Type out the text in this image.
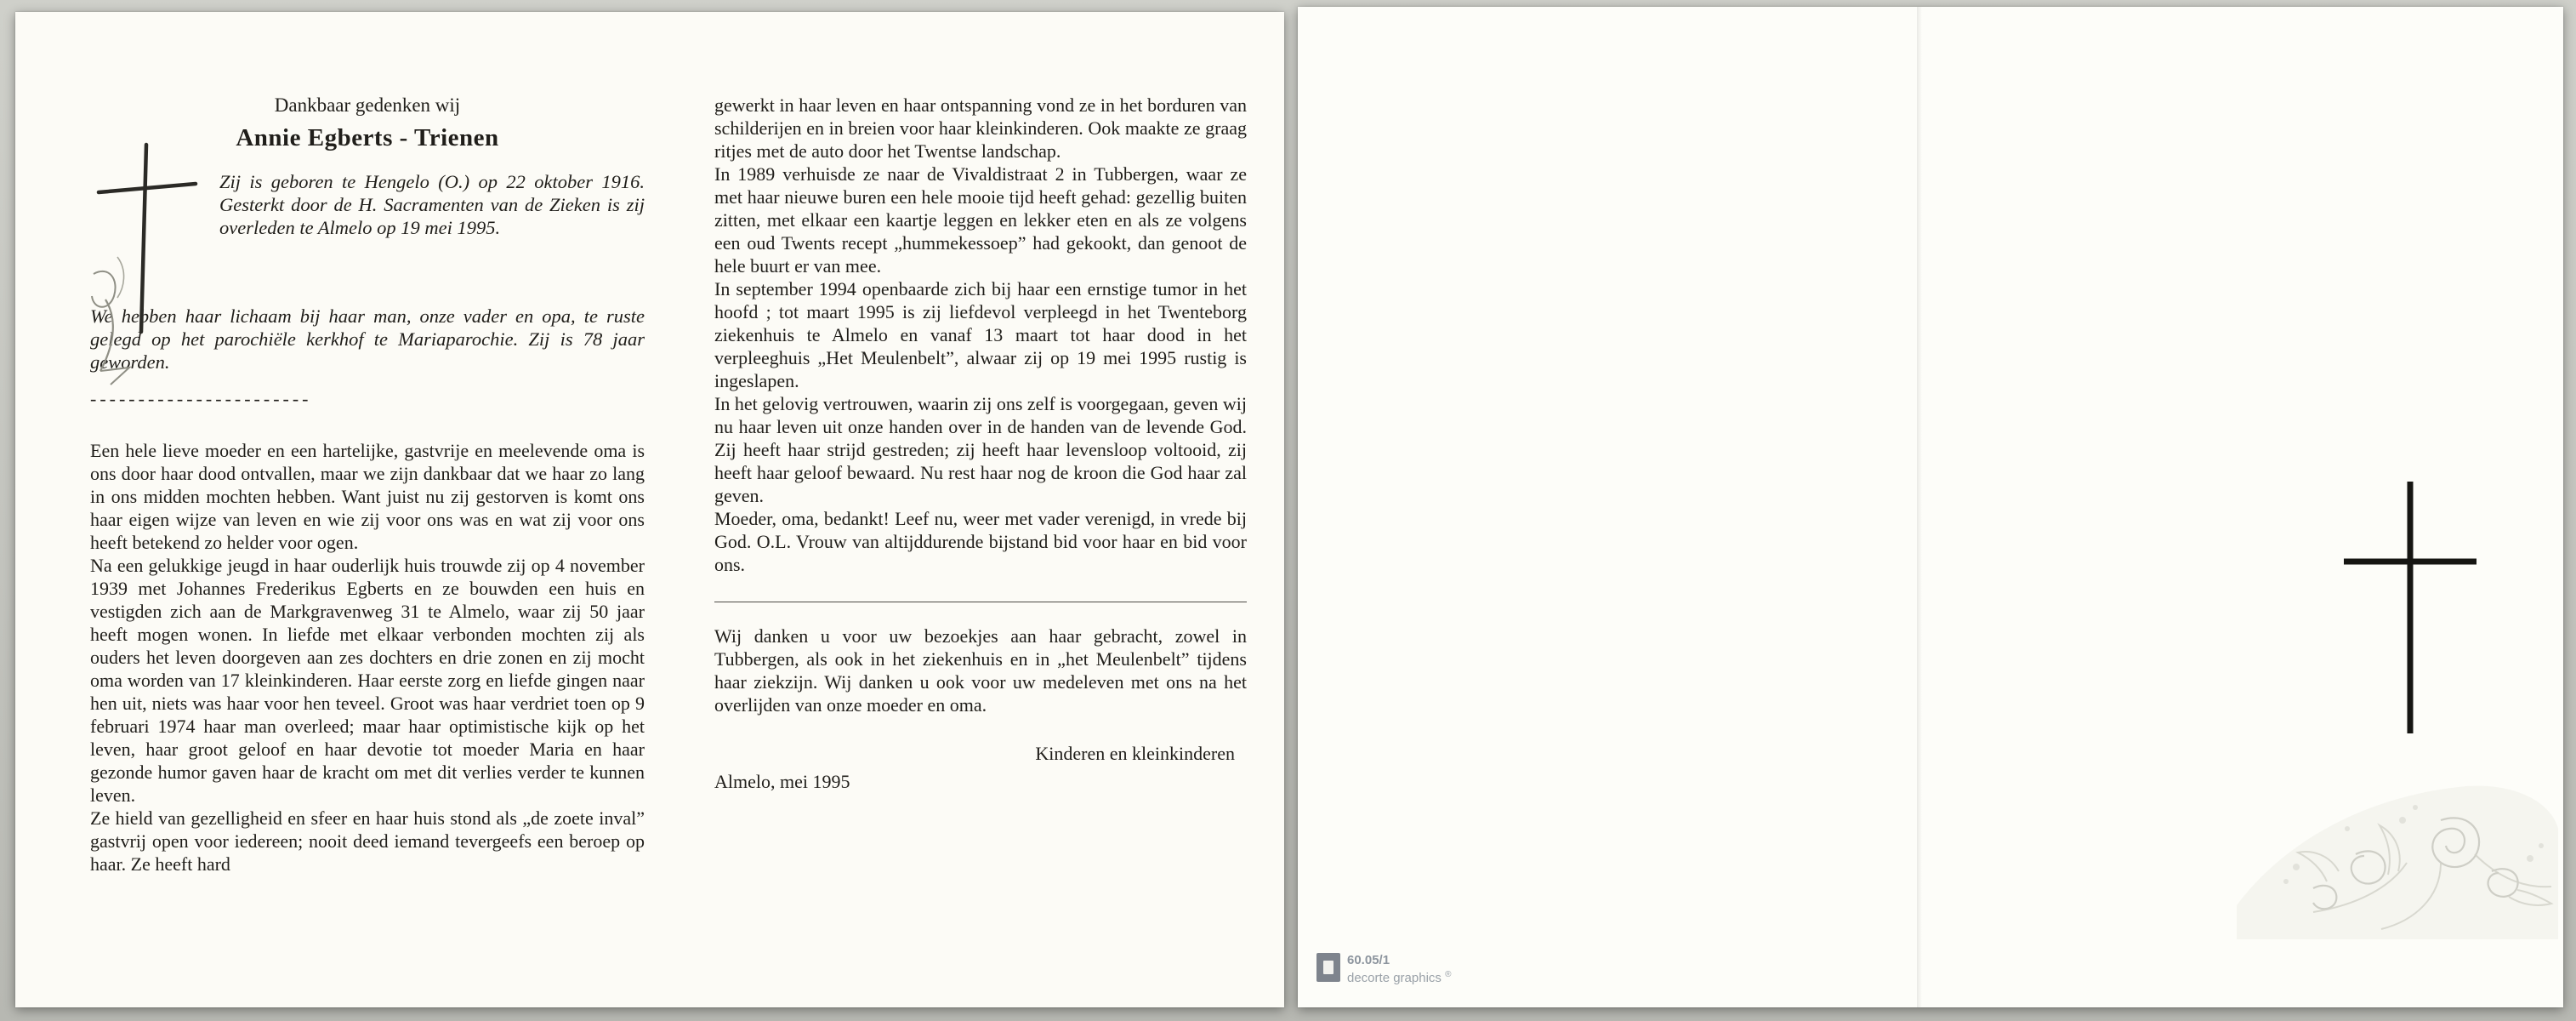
Dankbaar gedenken wij

Annie Egberts - Trienen

Zij is geboren te Hengelo (O.) op 22 oktober 1916. Gesterkt door de H. Sacramenten van de Zieken is zij overleden te Almelo op 19 mei 1995.

We hebben haar lichaam bij haar man, onze vader en opa, te ruste gelegd op het parochiële kerkhof te Mariaparochie. Zij is 78 jaar geworden.

-----------------------

Een hele lieve moeder en een hartelijke, gastvrije en meelevende oma is ons door haar dood ontvallen, maar we zijn dankbaar dat we haar zo lang in ons midden mochten hebben. Want juist nu zij gestorven is komt ons haar eigen wijze van leven en wie zij voor ons was en wat zij voor ons heeft betekend zo helder voor ogen.

Na een gelukkige jeugd in haar ouderlijk huis trouwde zij op 4 november 1939 met Johannes Frederikus Egberts en ze bouwden een huis en vestigden zich aan de Markgravenweg 31 te Almelo, waar zij 50 jaar heeft mogen wonen. In liefde met elkaar verbonden mochten zij als ouders het leven doorgeven aan zes dochters en drie zonen en zij mocht oma worden van 17 kleinkinderen. Haar eerste zorg en liefde gingen naar hen uit, niets was haar voor hen teveel. Groot was haar verdriet toen op 9 februari 1974 haar man overleed; maar haar optimistische kijk op het leven, haar groot geloof en haar devotie tot moeder Maria en haar gezonde humor gaven haar de kracht om met dit verlies verder te kunnen leven.

Ze hield van gezelligheid en sfeer en haar huis stond als „de zoete inval” gastvrij open voor iedereen; nooit deed iemand tevergeefs een beroep op haar. Ze heeft hard

gewerkt in haar leven en haar ontspanning vond ze in het borduren van schilderijen en in breien voor haar kleinkinderen. Ook maakte ze graag ritjes met de auto door het Twentse landschap.

In 1989 verhuisde ze naar de Vivaldistraat 2 in Tubbergen, waar ze met haar nieuwe buren een hele mooie tijd heeft gehad: gezellig buiten zitten, met elkaar een kaartje leggen en lekker eten en als ze volgens een oud Twents recept „hummekessoep” had gekookt, dan genoot de hele buurt er van mee.

In september 1994 openbaarde zich bij haar een ernstige tumor in het hoofd ; tot maart 1995 is zij liefdevol verpleegd in het Twenteborg ziekenhuis te Almelo en vanaf 13 maart tot haar dood in het verpleeghuis „Het Meulenbelt”, alwaar zij op 19 mei 1995 rustig is ingeslapen.

In het gelovig vertrouwen, waarin zij ons zelf is voorgegaan, geven wij nu haar leven uit onze handen over in de handen van de levende God. Zij heeft haar strijd gestreden; zij heeft haar levensloop voltooid, zij heeft haar geloof bewaard. Nu rest haar nog de kroon die God haar zal geven.

Moeder, oma, bedankt! Leef nu, weer met vader verenigd, in vrede bij God. O.L. Vrouw van altijddurende bijstand bid voor haar en bid voor ons.

Wij danken u voor uw bezoekjes aan haar gebracht, zowel in Tubbergen, als ook in het ziekenhuis en in „het Meulenbelt” tijdens haar ziekzijn. Wij danken u ook voor uw medeleven met ons na het overlijden van onze moeder en oma.

Kinderen en kleinkinderen

Almelo, mei 1995

60.05/1
decorte graphics ®
